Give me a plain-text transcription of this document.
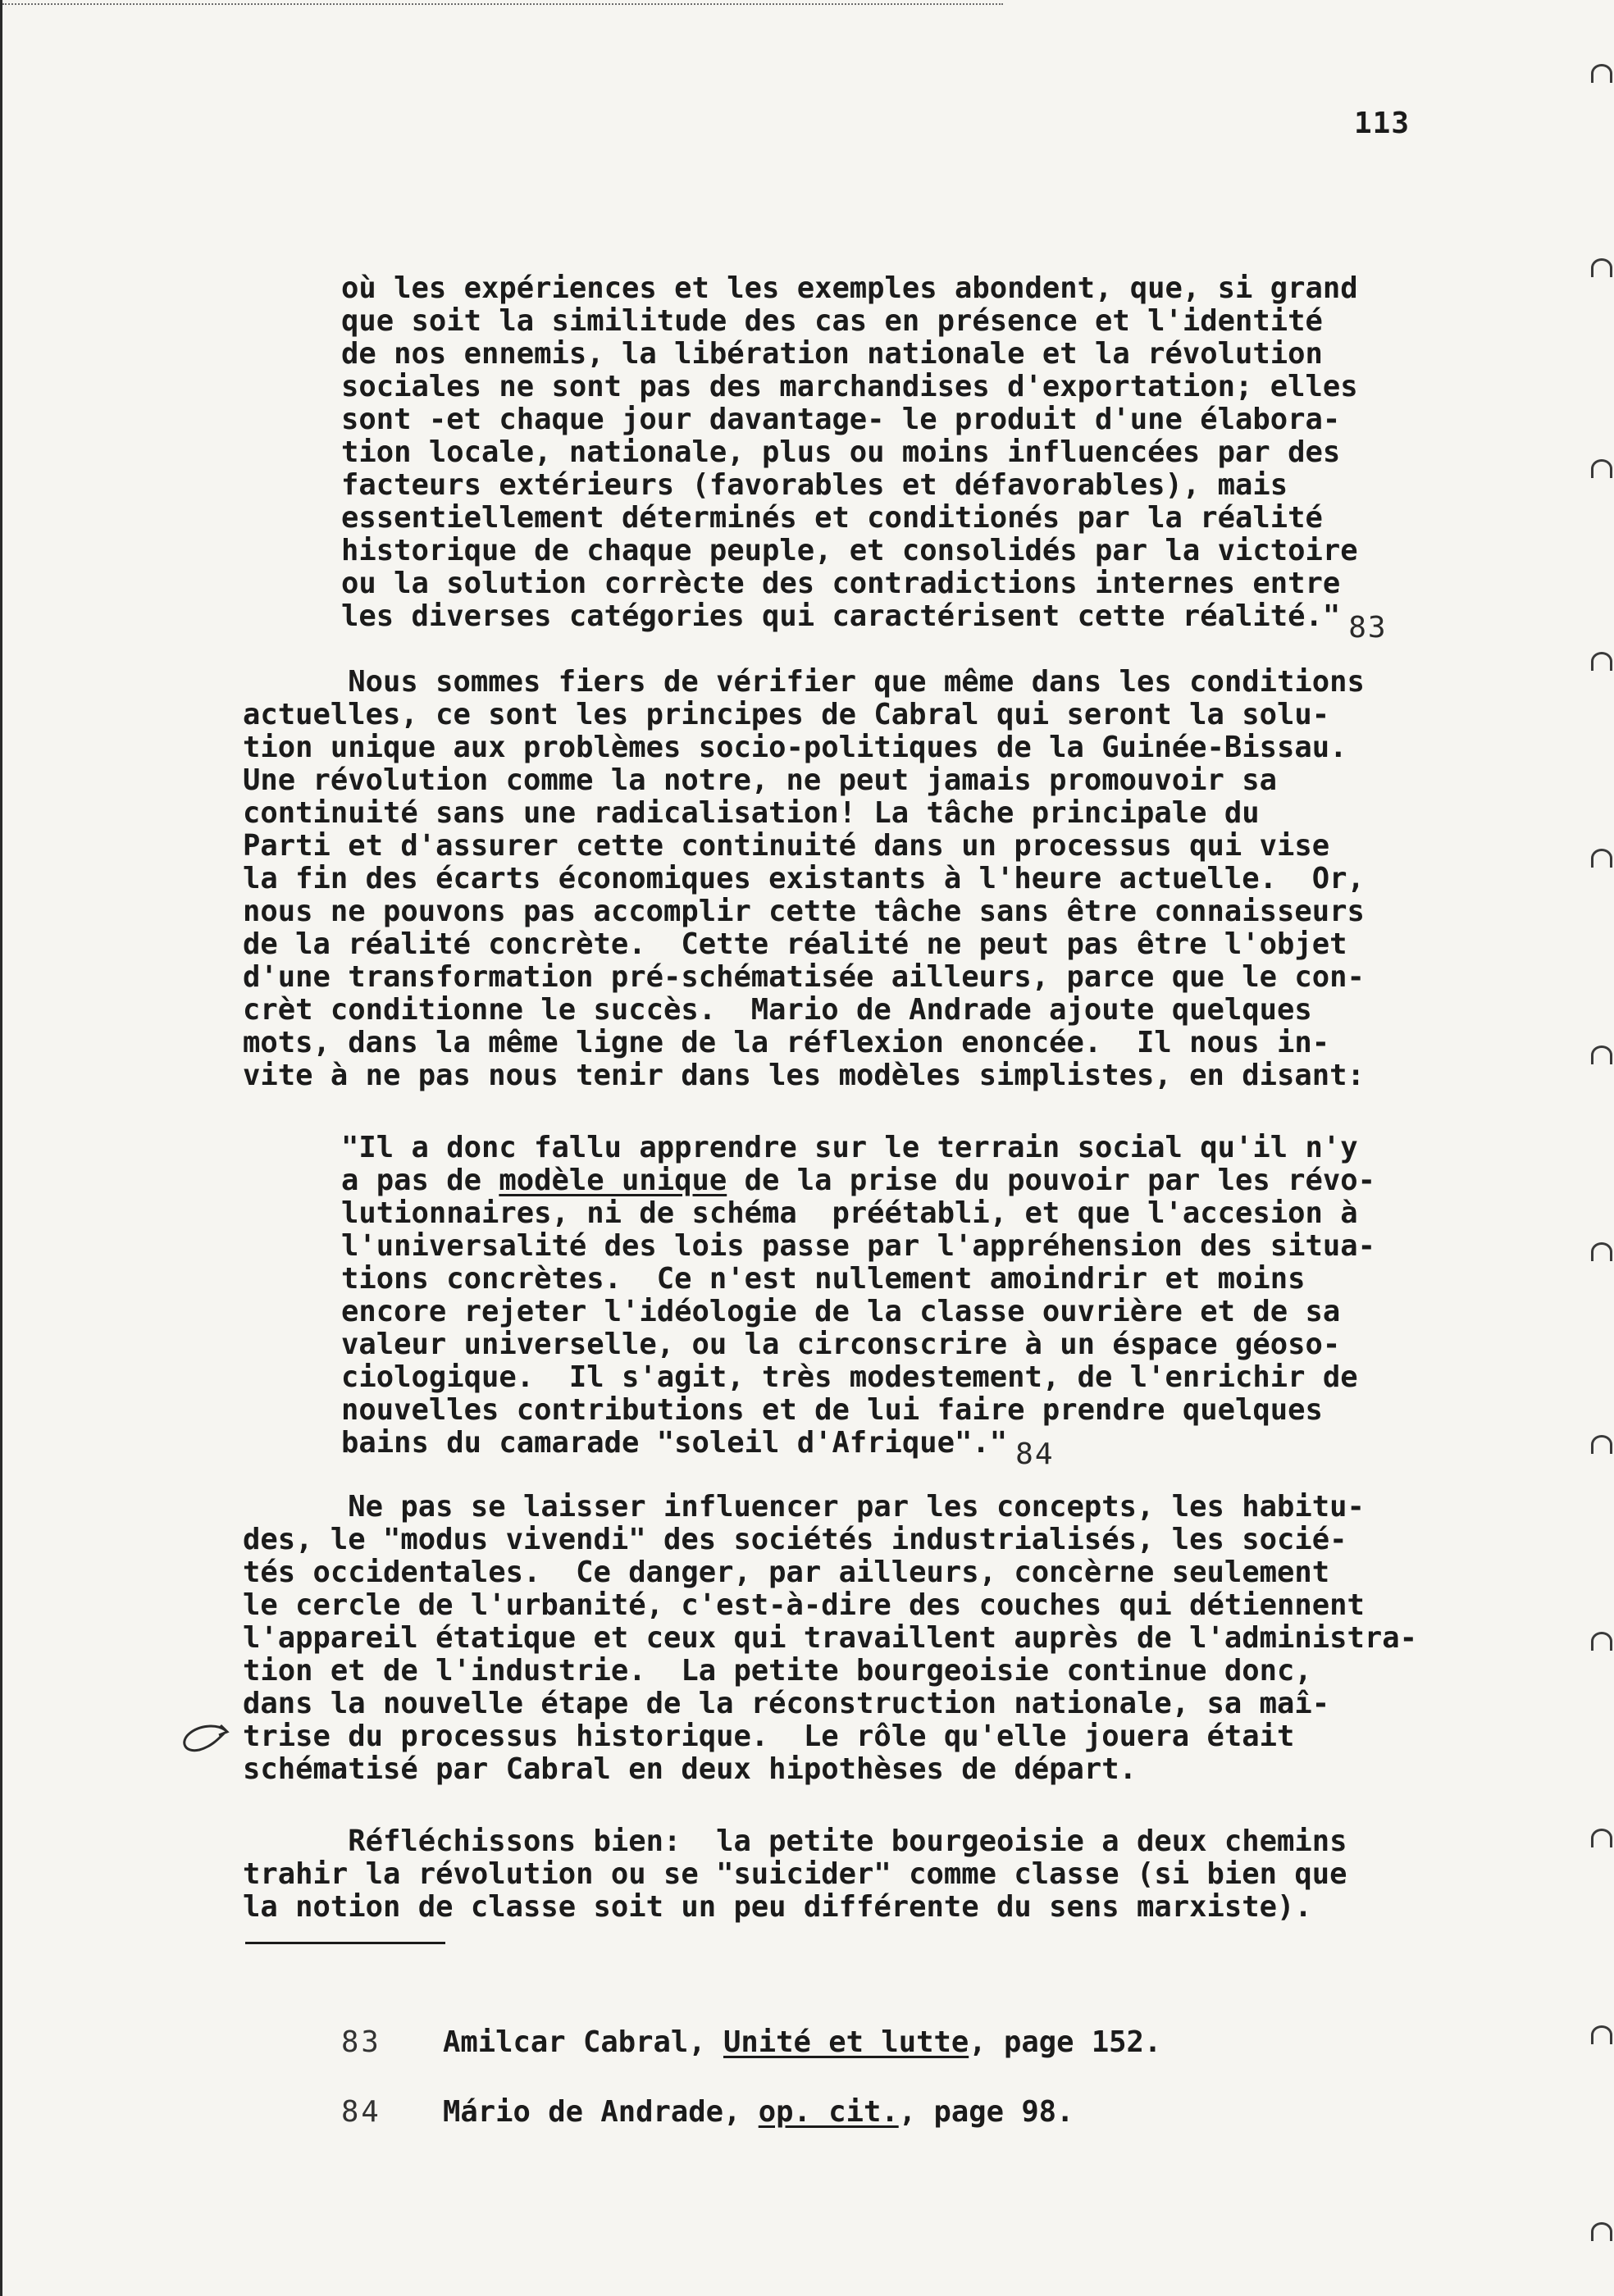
113
où les expériences et les exemples abondent, que, si grand
que soit la similitude des cas en présence et l'identité
de nos ennemis, la libération nationale et la révolution
sociales ne sont pas des marchandises d'exportation; elles
sont -et chaque jour davantage- le produit d'une élabora-
tion locale, nationale, plus ou moins influencées par des
facteurs extérieurs (favorables et défavorables), mais
essentiellement déterminés et conditionés par la réalité
historique de chaque peuple, et consolidés par la victoire
ou la solution corrècte des contradictions internes entre
les diverses catégories qui caractérisent cette réalité." 83
Nous sommes fiers de vérifier que même dans les conditions
actuelles, ce sont les principes de Cabral qui seront la solu-
tion unique aux problèmes socio-politiques de la Guinée-Bissau.
Une révolution comme la notre, ne peut jamais promouvoir sa
continuité sans une radicalisation! La tâche principale du
Parti et d'assurer cette continuité dans un processus qui vise
la fin des écarts économiques existants à l'heure actuelle.  Or,
nous ne pouvons pas accomplir cette tâche sans être connaisseurs
de la réalité concrète.  Cette réalité ne peut pas être l'objet
d'une transformation pré-schématisée ailleurs, parce que le con-
crèt conditionne le succès.  Mario de Andrade ajoute quelques
mots, dans la même ligne de la réflexion enoncée.  Il nous in-
vite à ne pas nous tenir dans les modèles simplistes, en disant:
"Il a donc fallu apprendre sur le terrain social qu'il n'y
a pas de modèle unique de la prise du pouvoir par les révo-
lutionnaires, ni de schéma  préétabli, et que l'accesion à
l'universalité des lois passe par l'appréhension des situa-
tions concrètes.  Ce n'est nullement amoindrir et moins
encore rejeter l'idéologie de la classe ouvrière et de sa
valeur universelle, ou la circonscrire à un éspace géoso-
ciologique.  Il s'agit, très modestement, de l'enrichir de
nouvelles contributions et de lui faire prendre quelques
bains du camarade "soleil d'Afrique"." 84
Ne pas se laisser influencer par les concepts, les habitu-
des, le "modus vivendi" des sociétés industrialisés, les socié-
tés occidentales.  Ce danger, par ailleurs, concèrne seulement
le cercle de l'urbanité, c'est-à-dire des couches qui détiennent
l'appareil étatique et ceux qui travaillent auprès de l'administra-
tion et de l'industrie.  La petite bourgeoisie continue donc,
dans la nouvelle étape de la réconstruction nationale, sa maî-
trise du processus historique.  Le rôle qu'elle jouera était
schématisé par Cabral en deux hipothèses de départ.
Réfléchissons bien:  la petite bourgeoisie a deux chemins
trahir la révolution ou se "suicider" comme classe (si bien que
la notion de classe soit un peu différente du sens marxiste).
83 Amilcar Cabral, Unité et lutte, page 152.
84 Mário de Andrade, op. cit., page 98.
